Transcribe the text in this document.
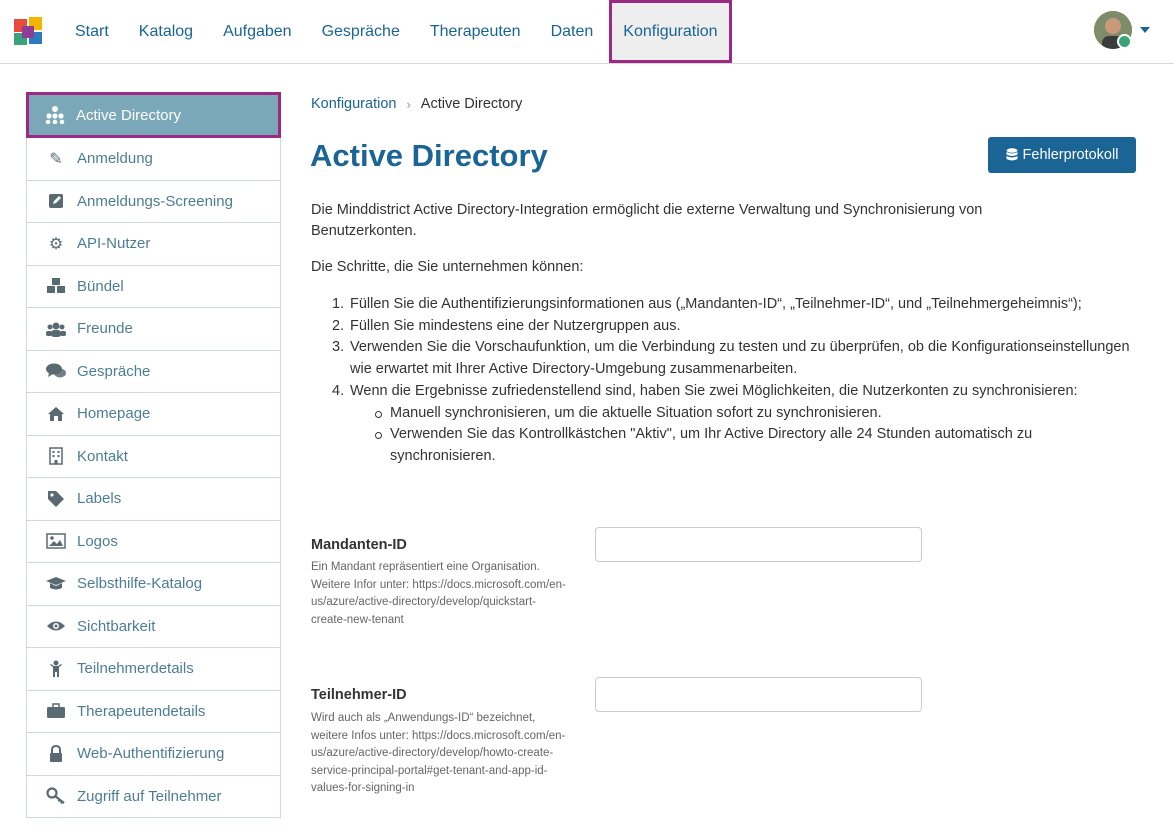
Start	Katalog	Aufgaben	Gespräche	Therapeuten	Daten	Konfiguration
Active Directory
✎ Anmeldung
Anmeldungs-Screening
⚙ API-Nutzer
Bündel
Freunde
Gespräche
Homepage
Kontakt
Labels
Logos
Selbsthilfe-Katalog
Sichtbarkeit
Teilnehmerdetails
Therapeutendetails
Web-Authentifizierung
Zugriff auf Teilnehmer
Konfiguration › Active Directory
Active Directory	Fehlerprotokoll
Die Minddistrict Active Directory-Integration ermöglicht die externe Verwaltung und Synchronisierung von Benutzerkonten.
Die Schritte, die Sie unternehmen können:
1. Füllen Sie die Authentifizierungsinformationen aus („Mandanten-ID“, „Teilnehmer-ID“, und „Teilnehmergeheimnis“);
2. Füllen Sie mindestens eine der Nutzergruppen aus.
3. Verwenden Sie die Vorschaufunktion, um die Verbindung zu testen und zu überprüfen, ob die Konfigurationseinstellungen wie erwartet mit Ihrer Active Directory-Umgebung zusammenarbeiten.
4. Wenn die Ergebnisse zufriedenstellend sind, haben Sie zwei Möglichkeiten, die Nutzerkonten zu synchronisieren:
Manuell synchronisieren, um die aktuelle Situation sofort zu synchronisieren.
Verwenden Sie das Kontrollkästchen "Aktiv", um Ihr Active Directory alle 24 Stunden automatisch zu synchronisieren.
Mandanten-ID
Ein Mandant repräsentiert eine Organisation. Weitere Infor unter: https://docs.microsoft.com/en-us/azure/active-directory/develop/quickstart-create-new-tenant
Teilnehmer-ID
Wird auch als „Anwendungs-ID“ bezeichnet, weitere Infos unter: https://docs.microsoft.com/en-us/azure/active-directory/develop/howto-create-service-principal-portal#get-tenant-and-app-id-values-for-signing-in
